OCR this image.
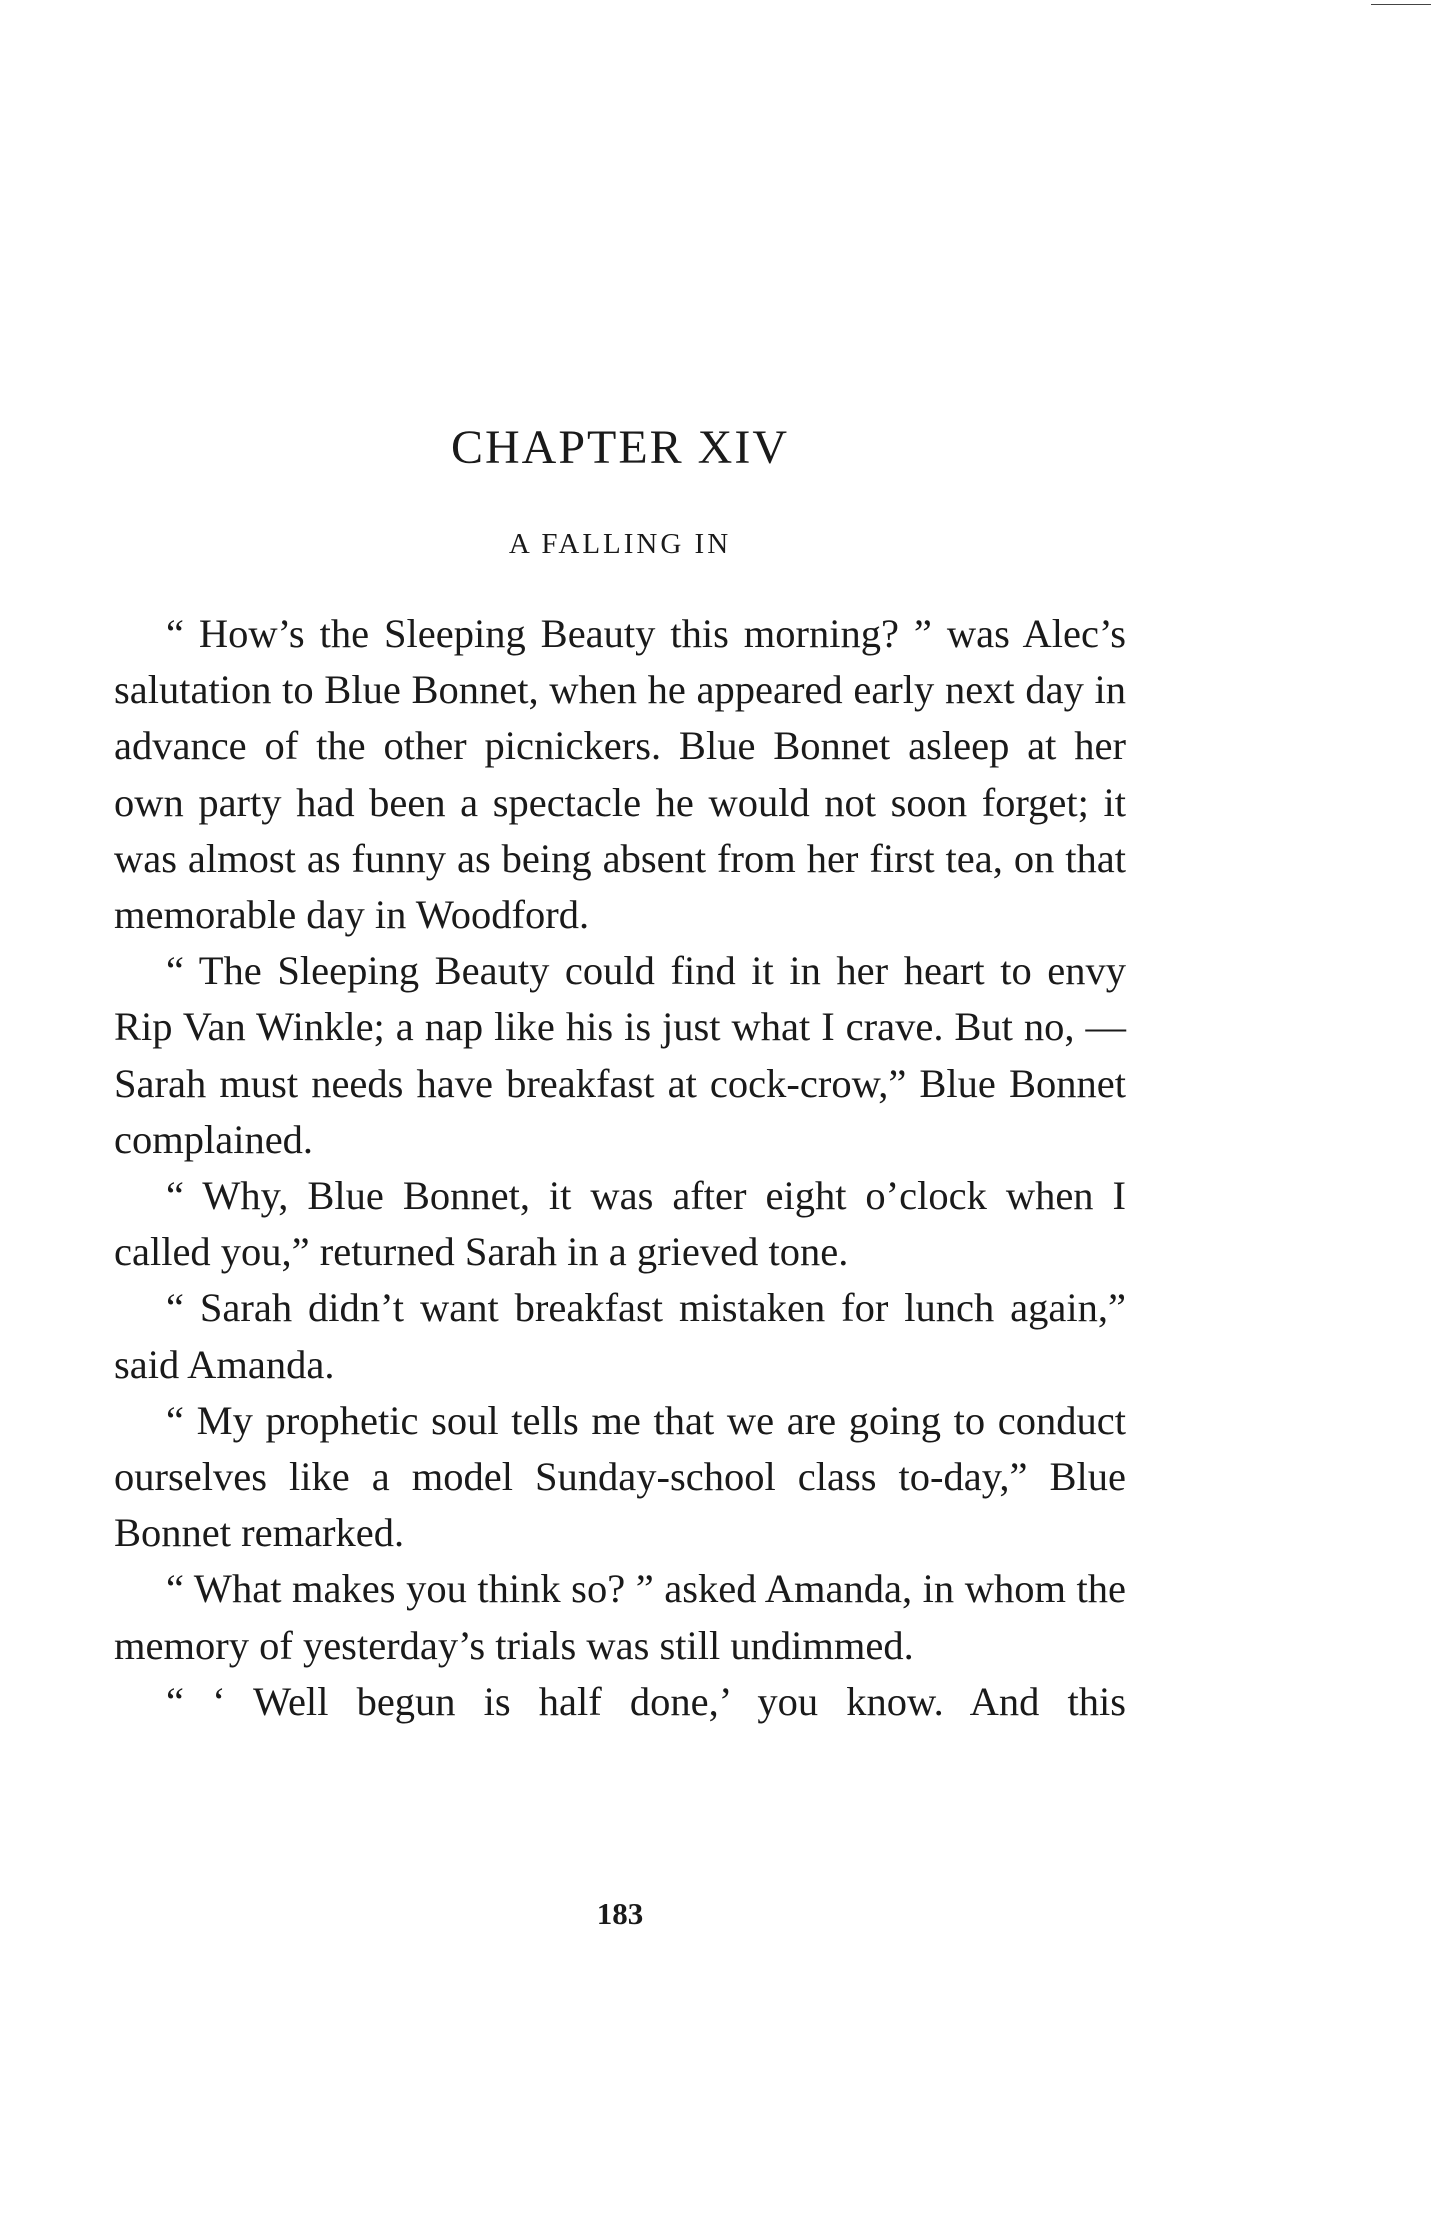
CHAPTER XIV
A FALLING IN

“ How’s the Sleeping Beauty this morning? ” was Alec’s salutation to Blue Bonnet, when he appeared early next day in advance of the other picnickers. Blue Bonnet asleep at her own party had been a spectacle he would not soon forget; it was almost as funny as being absent from her first tea, on that memorable day in Woodford.

“ The Sleeping Beauty could find it in her heart to envy Rip Van Winkle; a nap like his is just what I crave. But no, — Sarah must needs have breakfast at cock-crow,” Blue Bonnet complained.

“ Why, Blue Bonnet, it was after eight o’clock when I called you,” returned Sarah in a grieved tone.

“ Sarah didn’t want breakfast mistaken for lunch again,” said Amanda.

“ My prophetic soul tells me that we are going to conduct ourselves like a model Sunday-school class to-day,” Blue Bonnet remarked.

“ What makes you think so? ” asked Amanda, in whom the memory of yesterday’s trials was still undimmed.

“ ‘ Well begun is half done,’ you know. And this

183
